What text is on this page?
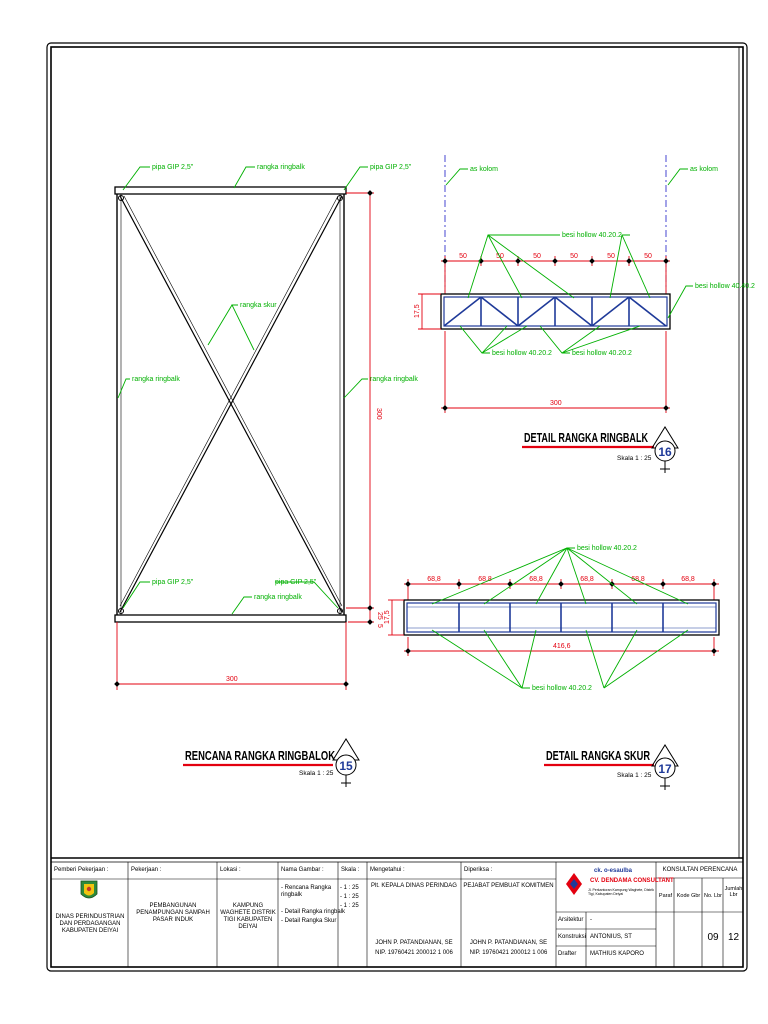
pipa GIP 2,5"	rangka ringbalk	pipa GIP 2,5"
rangka skur
rangka ringbalk	rangka ringbalk
pipa GIP 2,5"	pipa GIP 2,5"
rangka ringbalk
300
25
5
300
RENCANA RANGKA RINGBALOK
Skala 1 : 25
15
as kolom	as kolom
50	50	50	50	50	50
17,5
300
besi hollow 40.20.2
besi hollow 40.40.2
besi hollow 40.20.2	besi hollow 40.20.2
DETAIL RANGKA RINGBALK
Skala 1 : 25 16
68,8	68,8	68,8	68,8	68,8	68,8
17,5
416,6
besi hollow 40.20.2
besi hollow 40.20.2
DETAIL RANGKA SKUR
Skala 1 : 25 17
Pemberi Pekerjaan :
DINAS PERINDUSTRIAN DAN PERDAGANGAN KABUPATEN DEIYAI
Pekerjaan :
PEMBANGUNAN PENAMPUNGAN SAMPAH PASAR INDUK
Lokasi :
KAMPUNG WAGHETE DISTRIK TIGI KABUPATEN DEIYAI
Nama Gambar :
- Rencana Rangka ringbalk
- Detail Rangka ringbalk
- Detail Rangka Skur
Skala :
- 1 : 25
- 1 : 25
- 1 : 25
Mengetahui :
Plt. KEPALA DINAS PERINDAG
JOHN P. PATANDIANAN, SE
NIP. 19760421 200012 1 006
Diperiksa :
PEJABAT PEMBUAT KOMITMEN
JOHN P. PATANDIANAN, SE
NIP. 19760421 200012 1 006
ck. o-esaulba
CV. DENDAMA CONSULTANT
Jl. Perkantoran Kampung Waghete, Distrik Tigi, Kabupaten Deiyai
Arsitektur -
Konstruksi ANTONIUS, ST
Drafter MATHIUS KAPORO
KONSULTAN PERENCANA
Paraf Kode Gbr No. Lbr
Jumlah Lbr
09 12
